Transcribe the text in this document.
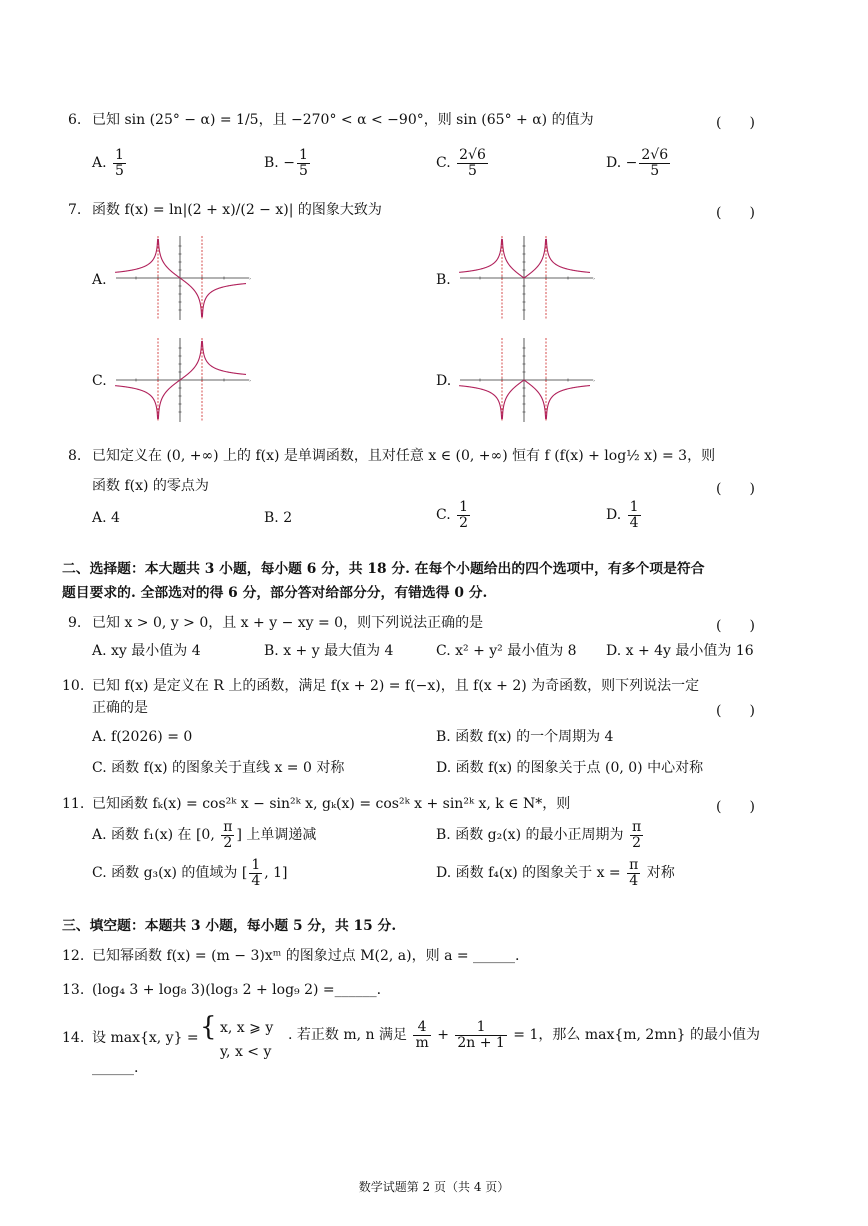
6. 已知 sin (25° − α) = 1/5，且 −270° < α < −90°，则 sin (65° + α) 的值为	(　　)
A. $\frac{1}{5}$	B. − $\frac{1}{5}$	C. $\frac{2√6}{5}$	D. − $\frac{2√6}{5}$
7. 函数 f(x) = ln|(2 + x)/(2 − x)| 的图象大致为	(　　)
A.	›	B.	›
C.	›	D.	›
8. 已知定义在 (0, +∞) 上的 f(x) 是单调函数，且对任意 x ∈ (0, +∞) 恒有 f (f(x) + log½ x) = 3，则
函数 f(x) 的零点为	(　　)
A. 4	B. 2	C. $\frac{1}{2}$	D. $\frac{1}{4}$
二、选择题：本大题共 3 小题，每小题 6 分，共 18 分. 在每个小题给出的四个选项中，有多个项是符合
题目要求的. 全部选对的得 6 分，部分答对给部分分，有错选得 0 分.
9. 已知 x > 0, y > 0，且 x + y − xy = 0，则下列说法正确的是	(　　)
A. xy 最小值为 4	B. x + y 最大值为 4	C. x² + y² 最小值为 8 D. x + 4y 最小值为 16
10. 已知 f(x) 是定义在 R 上的函数，满足 f(x + 2) = f(−x)，且 f(x + 2) 为奇函数，则下列说法一定
正确的是	(　　)
A. f(2026) = 0	B. 函数 f(x) 的一个周期为 4
C. 函数 f(x) 的图象关于直线 x = 0 对称	D. 函数 f(x) 的图象关于点 (0, 0) 中心对称
11. 已知函数 fₖ(x) = cos²ᵏ x − sin²ᵏ x, gₖ(x) = cos²ᵏ x + sin²ᵏ x, k ∈ N*，则	(　　)
A. 函数 f₁(x) 在 [0, $\frac{\pi}{2}$ ] 上单调递减	B. 函数 g₂(x) 的最小正周期为 $\frac{\pi}{2}$
C. 函数 g₃(x) 的值域为 [ $\frac{1}{4}$ , 1]	D. 函数 f₄(x) 的图象关于 $x = \frac{\pi}{4}$ 对称
三、填空题：本题共 3 小题，每小题 5 分，共 15 分.
12. 已知幂函数 f(x) = (m − 3)xᵐ 的图象过点 M(2, a)，则 a = ______.
13. (log₄ 3 + log₈ 3)(log₃ 2 + log₉ 2) =______.
14. 设 max{x, y} = { x, x ⩾ y
y, x < y
. 若正数 m, n 满足 $\frac{4}{m} + \frac{1}{2n + 1} = 1$，那么 max{m, 2mn} 的最小值为
______.
数学试题第 2 页（共 4 页）
